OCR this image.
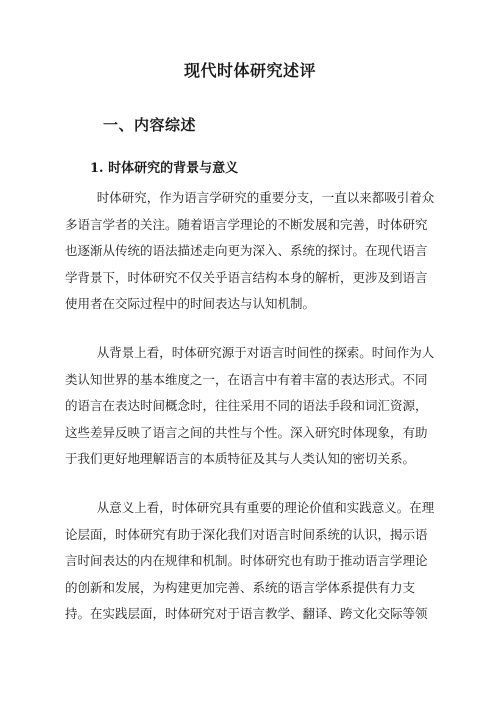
现代时体研究述评
一、内容综述
1. 时体研究的背景与意义
时体研究，作为语言学研究的重要分支，一直以来都吸引着众
多语言学者的关注。随着语言学理论的不断发展和完善，时体研究
也逐渐从传统的语法描述走向更为深入、系统的探讨。在现代语言
学背景下，时体研究不仅关乎语言结构本身的解析，更涉及到语言
使用者在交际过程中的时间表达与认知机制。
从背景上看，时体研究源于对语言时间性的探索。时间作为人
类认知世界的基本维度之一，在语言中有着丰富的表达形式。不同
的语言在表达时间概念时，往往采用不同的语法手段和词汇资源，
这些差异反映了语言之间的共性与个性。深入研究时体现象，有助
于我们更好地理解语言的本质特征及其与人类认知的密切关系。
从意义上看，时体研究具有重要的理论价值和实践意义。在理
论层面，时体研究有助于深化我们对语言时间系统的认识，揭示语
言时间表达的内在规律和机制。时体研究也有助于推动语言学理论
的创新和发展，为构建更加完善、系统的语言学体系提供有力支
持。在实践层面，时体研究对于语言教学、翻译、跨文化交际等领
